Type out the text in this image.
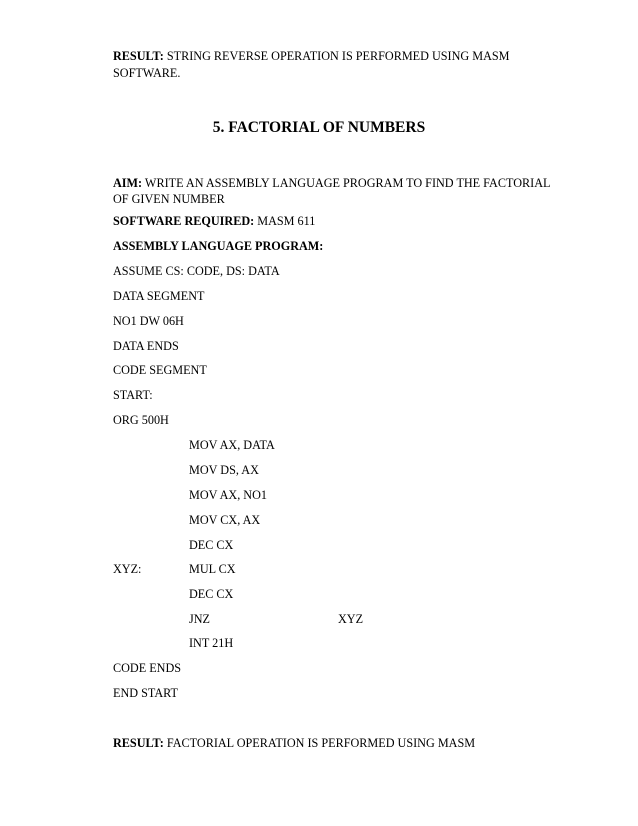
RESULT: STRING REVERSE OPERATION IS PERFORMED USING MASM
SOFTWARE.
5. FACTORIAL OF NUMBERS
AIM: WRITE AN ASSEMBLY LANGUAGE PROGRAM TO FIND THE FACTORIAL
OF GIVEN NUMBER
SOFTWARE REQUIRED: MASM 611
ASSEMBLY LANGUAGE PROGRAM:
ASSUME CS: CODE, DS: DATA
DATA SEGMENT
NO1 DW 06H
DATA ENDS
CODE SEGMENT
START:
ORG 500H
MOV AX, DATA
MOV DS, AX
MOV AX, NO1
MOV CX, AX
DEC CX
XYZ:	MUL CX
DEC CX
JNZ	XYZ
INT 21H
CODE ENDS
END START
RESULT: FACTORIAL OPERATION IS PERFORMED USING MASM
